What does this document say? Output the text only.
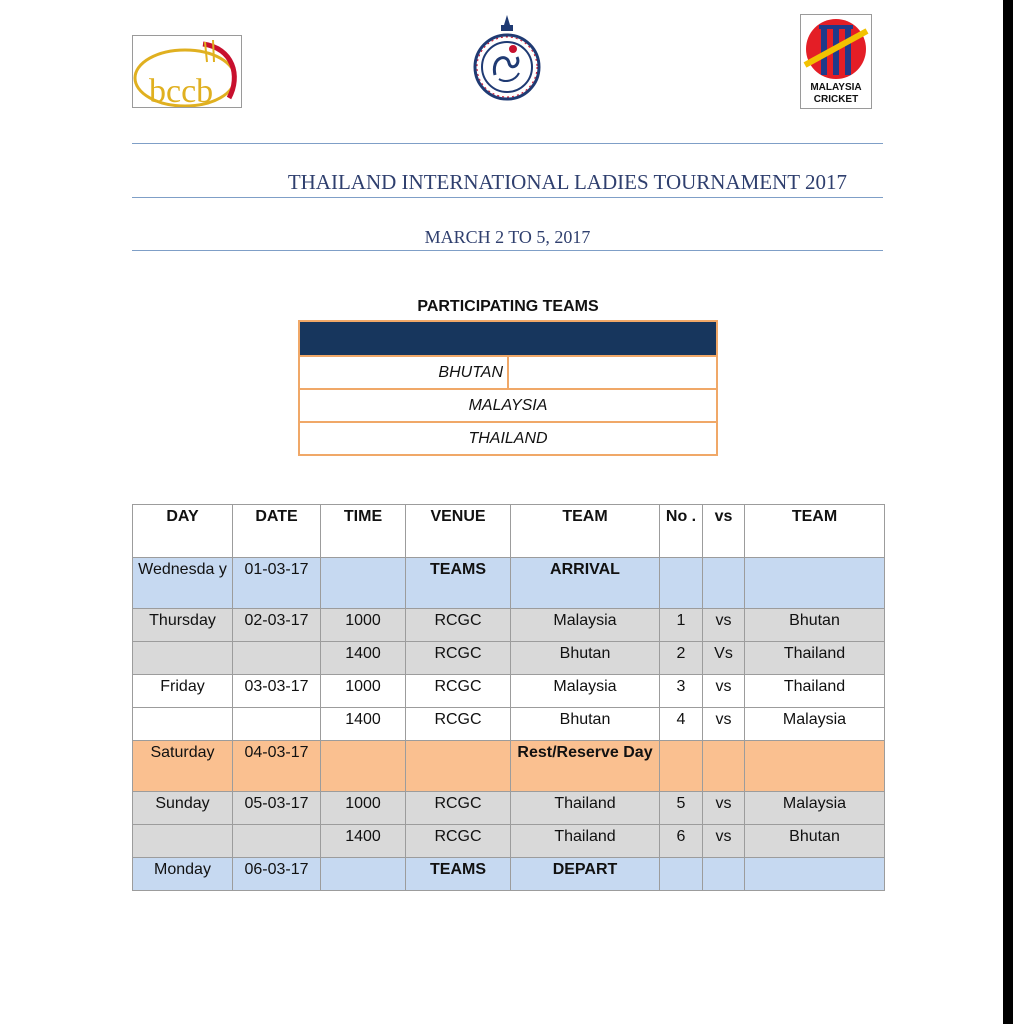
bccb	MALAYSIA
CRICKET
THAILAND INTERNATIONAL LADIES TOURNAMENT 2017
MARCH 2 TO 5, 2017
PARTICIPATING TEAMS

BHUTAN	
MALAYSIA
THAILAND
DAY	DATE	TIME	VENUE	TEAM	No .	vs	TEAM
Wednesda y	01-03-17		TEAMS	ARRIVAL			
Thursday	02-03-17	1000	RCGC	Malaysia	1	vs	Bhutan
		1400	RCGC	Bhutan	2	Vs	Thailand
Friday	03-03-17	1000	RCGC	Malaysia	3	vs	Thailand
		1400	RCGC	Bhutan	4	vs	Malaysia
Saturday	04-03-17			Rest/Reserve Day			
Sunday	05-03-17	1000	RCGC	Thailand	5	vs	Malaysia
		1400	RCGC	Thailand	6	vs	Bhutan
Monday	06-03-17		TEAMS	DEPART			
